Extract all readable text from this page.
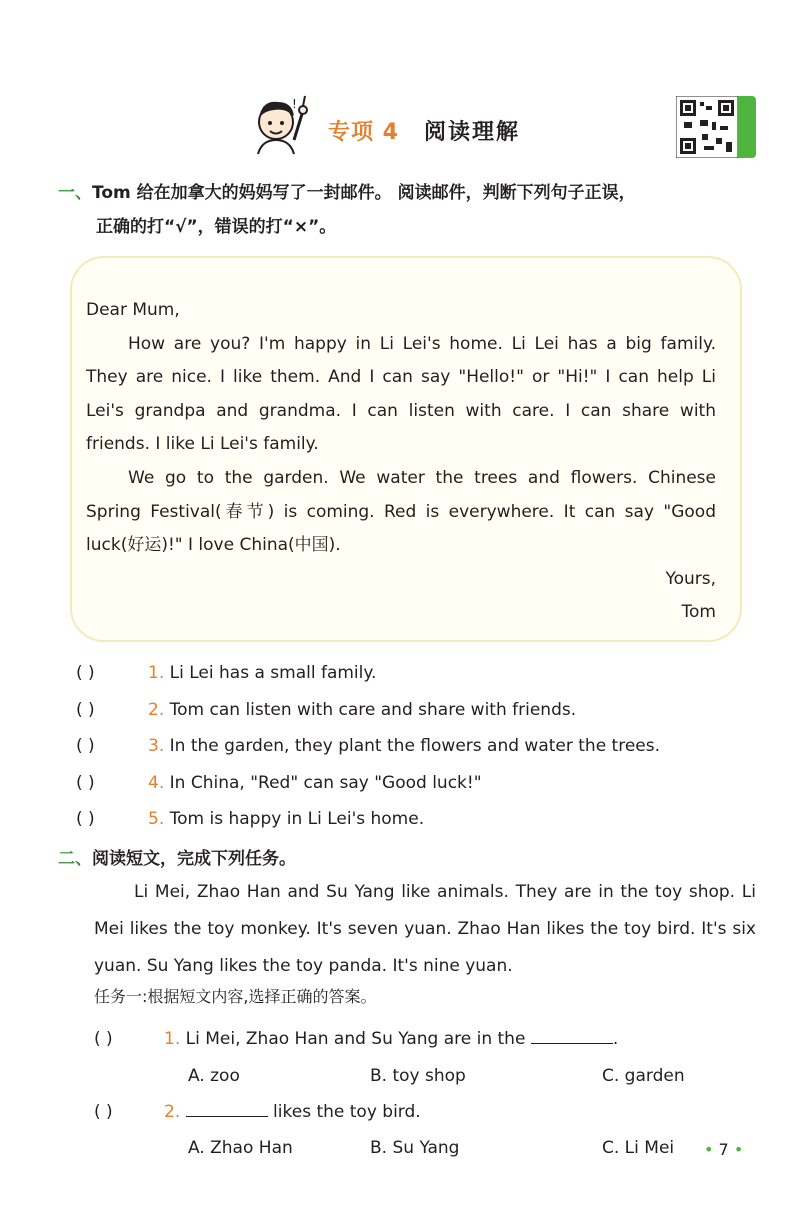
!
专项 4 阅读理解
一、Tom 给在加拿大的妈妈写了一封邮件。 阅读邮件，判断下列句子正误，
正确的打“√”，错误的打“×”。

Dear Mum,

How are you? I'm happy in Li Lei's home. Li Lei has a big family. They are nice. I like them. And I can say "Hello!" or "Hi!" I can help Li Lei's grandpa and grandma. I can listen with care. I can share with friends. I like Li Lei's family.

We go to the garden. We water the trees and flowers. Chinese Spring Festival(春节) is coming. Red is everywhere. It can say "Good luck(好运)!" I love China(中国).

Yours,

Tom

( )	1. Li Lei has a small family.
( )	2. Tom can listen with care and share with friends.
( )	3. In the garden, they plant the flowers and water the trees.
( )	4. In China, "Red" can say "Good luck!"
( )	5. Tom is happy in Li Lei's home.
二、阅读短文，完成下列任务。

Li Mei, Zhao Han and Su Yang like animals. They are in the toy shop. Li Mei likes the toy monkey. It's seven yuan. Zhao Han likes the toy bird. It's six yuan. Su Yang likes the toy panda. It's nine yuan.

任务一:根据短文内容,选择正确的答案。
( )	1. Li Mei, Zhao Han and Su Yang are in the	.
A. zoo	B. toy shop	C. garden
( )	2.	likes the toy bird.
A. Zhao Han	B. Su Yang	C. Li Mei • 7 •
